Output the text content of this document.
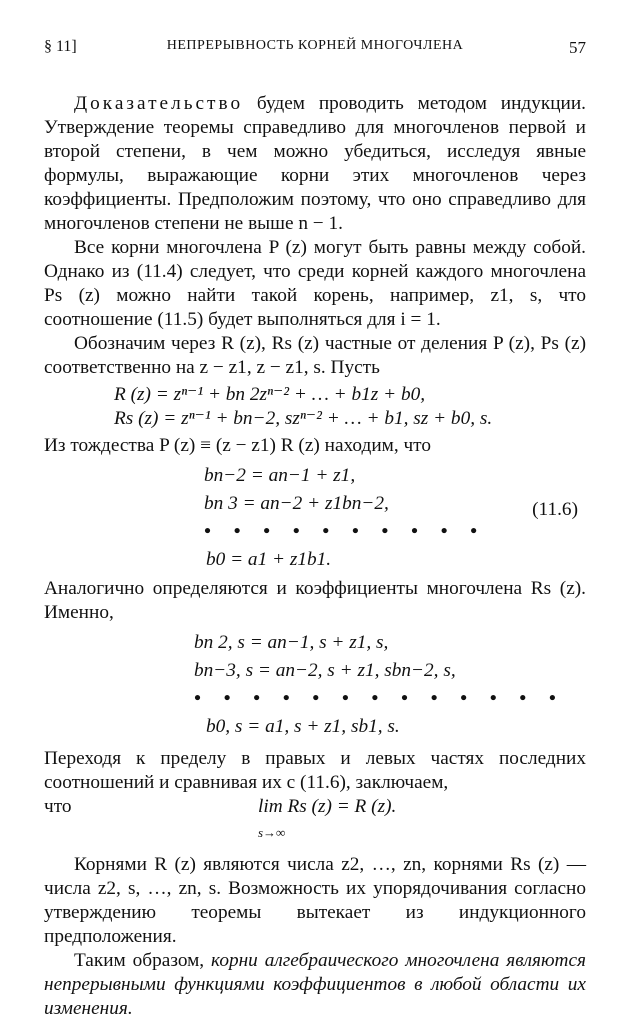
§ 11]	НЕПРЕРЫВНОСТЬ КОРНЕЙ МНОГОЧЛЕНА	57

Доказательство будем проводить методом индукции. Утверждение теоремы справедливо для многочленов первой и второй степени, в чем можно убедиться, исследуя явные формулы, выражающие корни этих многочленов через коэффициенты. Предположим поэтому, что оно справедливо для многочленов степени не выше n − 1.

Все корни многочлена P (z) могут быть равны между собой. Однако из (11.4) следует, что среди корней каждого многочлена Ps (z) можно найти такой корень, например, z1, s, что соотношение (11.5) будет выполняться для i = 1.

Обозначим через R (z), Rs (z) частные от деления P (z), Ps (z) соответственно на z − z1, z − z1, s. Пусть

R (z) = zⁿ⁻¹ + bn 2zⁿ⁻² + … + b1z + b0,
Rs (z) = zⁿ⁻¹ + bn−2, szⁿ⁻² + … + b1, sz + b0, s.

Из тождества P (z) ≡ (z − z1) R (z) находим, что

bn−2 = an−1 + z1,
bn 3 = an−2 + z1bn−2,
• • • • • • • • • •
b0 = a1 + z1b1.
(11.6)

Аналогично определяются и коэффициенты многочлена Rs (z). Именно,

bn 2, s = an−1, s + z1, s,
bn−3, s = an−2, s + z1, sbn−2, s,
• • • • • • • • • • • • •
b0, s = a1, s + z1, sb1, s.

Переходя к пределу в правых и левых чaстях последних соотношений и сравнивая их с (11.6), заключаем,

что	lim Rs (z) = R (z).
s→∞

Корнями R (z) являются числа z2, …, zn, корнями Rs (z) — числа z2, s, …, zn, s. Возможность их упорядочивания согласно утверждению теоремы вытекает из индукционного предположения.

Таким образом, корни алгебраического многочлена являются непрерывными функциями коэффициентов в любой области их изменения.
